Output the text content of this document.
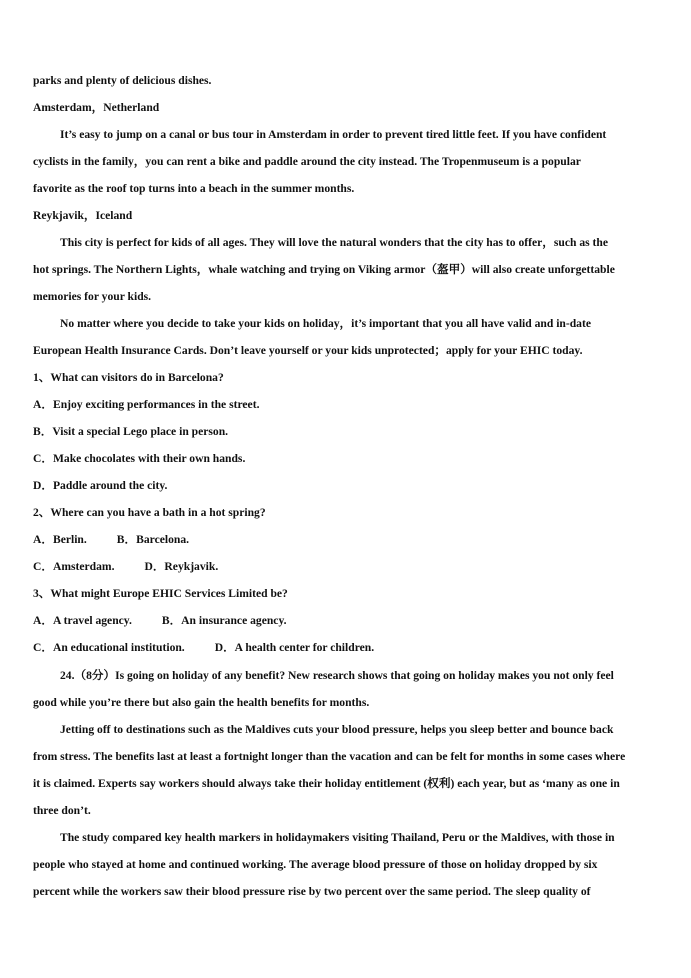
parks and plenty of delicious dishes.
Amsterdam，Netherland
It’s easy to jump on a canal or bus tour in Amsterdam in order to prevent tired little feet. If you have confident
cyclists in the family，you can rent a bike and paddle around the city instead. The Tropenmuseum is a popular
favorite as the roof top turns into a beach in the summer months.
Reykjavik，Iceland
This city is perfect for kids of all ages. They will love the natural wonders that the city has to offer，such as the
hot springs. The Northern Lights，whale watching and trying on Viking armor（盔甲）will also create unforgettable
memories for your kids.
No matter where you decide to take your kids on holiday，it’s important that you all have valid and in-date
European Health Insurance Cards. Don’t leave yourself or your kids unprotected；apply for your EHIC today.
1、What can visitors do in Barcelona?
A．Enjoy exciting performances in the street.
B．Visit a special Lego place in person.
C．Make chocolates with their own hands.
D．Paddle around the city.
2、Where can you have a bath in a hot spring?
A．Berlin.	B．Barcelona.
C．Amsterdam.	D．Reykjavik.
3、What might Europe EHIC Services Limited be?
A．A travel agency.	B．An insurance agency.
C．An educational institution.	D．A health center for children.
24.（8分）Is going on holiday of any benefit? New research shows that going on holiday makes you not only feel
good while you’re there but also gain the health benefits for months.
Jetting off to destinations such as the Maldives cuts your blood pressure, helps you sleep better and bounce back
from stress. The benefits last at least a fortnight longer than the vacation and can be felt for months in some cases where
it is claimed. Experts say workers should always take their holiday entitlement (权利) each year, but as ‘many as one in
three don’t.
The study compared key health markers in holidaymakers visiting Thailand, Peru or the Maldives, with those in
people who stayed at home and continued working. The average blood pressure of those on holiday dropped by six
percent while the workers saw their blood pressure rise by two percent over the same period. The sleep quality of
